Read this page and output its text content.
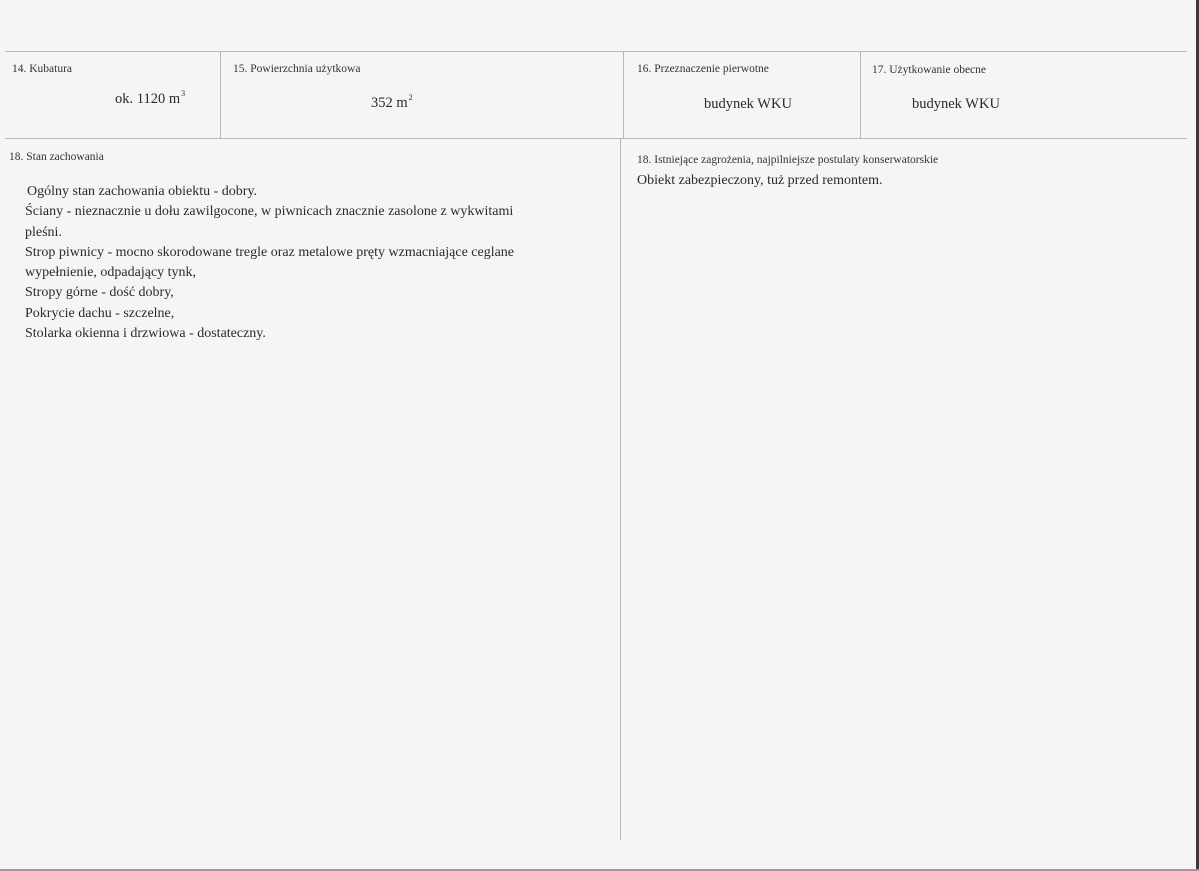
14. Kubatura
ok. 1120 $m^3$
15. Powierzchnia użytkowa
352 $m^2$
16. Przeznaczenie pierwotne
budynek WKU
17. Użytkowanie obecne
budynek WKU
18. Stan zachowania
Ogólny stan zachowania obiektu - dobry.
Ściany - nieznacznie u dołu zawilgocone, w piwnicach znacznie zasolone z wykwitami
pleśni.
Strop piwnicy - mocno skorodowane tregle oraz metalowe pręty wzmacniające ceglane
wypełnienie, odpadający tynk,
Stropy górne - dość dobry,
Pokrycie dachu - szczelne,
Stolarka okienna i drzwiowa - dostateczny.
18. Istniejące zagrożenia, najpilniejsze postulaty konserwatorskie
Obiekt zabezpieczony, tuż przed remontem.
